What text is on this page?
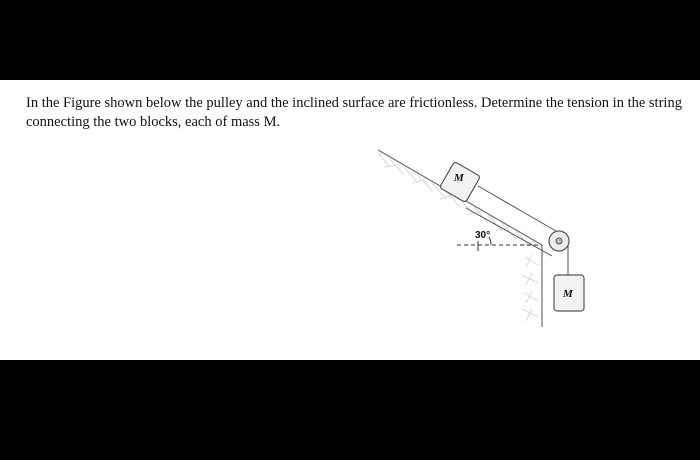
In the Figure shown below the pulley and the inclined surface are frictionless. Determine the tension in the string connecting the two blocks, each of mass M.

30°
M
M
